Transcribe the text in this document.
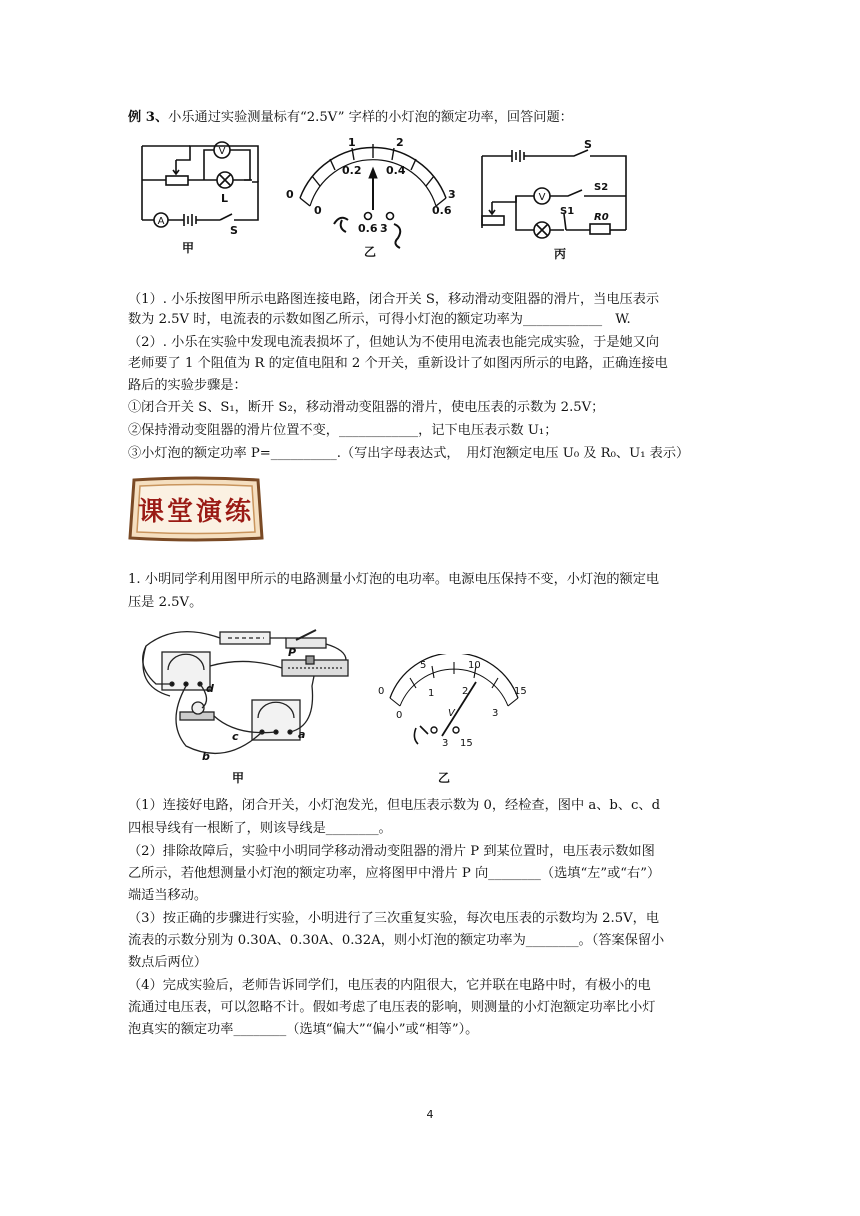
例 3、小乐通过实验测量标有“2.5V” 字样的小灯泡的额定功率，回答问题：
A
V
L
S
甲
0.2 0.4
1	2
0	3
0	0.6
0.6 3
乙
S
V
S2
S1
R0
丙
（1）. 小乐按图甲所示电路图连接电路，闭合开关 S，移动滑动变阻器的滑片，当电压表示
数为 2.5V 时，电流表的示数如图乙所示，可得小灯泡的额定功率为____________　W.
（2）. 小乐在实验中发现电流表损坏了，但她认为不使用电流表也能完成实验，于是她又向
老师要了 1 个阻值为 R 的定值电阻和 2 个开关，重新设计了如图丙所示的电路，正确连接电
路后的实验步骤是：
①闭合开关 S、S₁，断开 S₂，移动滑动变阻器的滑片，使电压表的示数为 2.5V；
②保持滑动变阻器的滑片位置不变，____________，记下电压表示数 U₁；
③小灯泡的额定功率 P=__________.（写出字母表达式，　用灯泡额定电压 U₀ 及 R₀、U₁ 表示）
课堂演练
1. 小明同学利用图甲所示的电路测量小灯泡的电功率。电源电压保持不变，小灯泡的额定电
压是 2.5V。
P
d
c
b
a
甲
5	10
1	2
0	15
0	3
V
3 15
乙
（1）连接好电路，闭合开关，小灯泡发光，但电压表示数为 0，经检查，图中 a、b、c、d
四根导线有一根断了，则该导线是________。
（2）排除故障后，实验中小明同学移动滑动变阻器的滑片 P 到某位置时，电压表示数如图
乙所示，若他想测量小灯泡的额定功率，应将图甲中滑片 P 向________（选填“左”或“右”）
端适当移动。
（3）按正确的步骤进行实验，小明进行了三次重复实验，每次电压表的示数均为 2.5V，电
流表的示数分别为 0.30A、0.30A、0.32A，则小灯泡的额定功率为________。（答案保留小
数点后两位）
（4）完成实验后，老师告诉同学们，电压表的内阻很大，它并联在电路中时，有极小的电
流通过电压表，可以忽略不计。假如考虑了电压表的影响，则测量的小灯泡额定功率比小灯
泡真实的额定功率________（选填“偏大”“偏小”或“相等”）。
4
